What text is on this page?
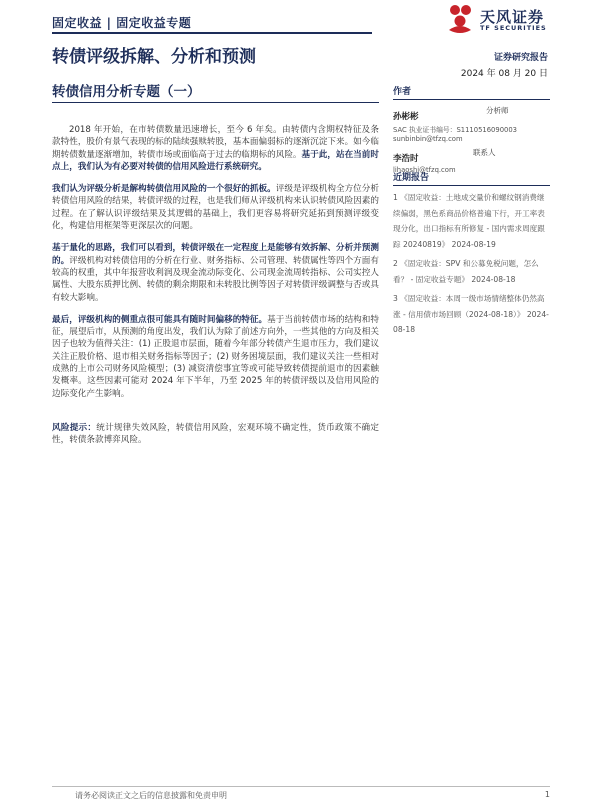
固定收益 | 固定收益专题	天风证券
TF SECURITIES
转债评级拆解、分析和预测	证券研究报告
2024 年 08 月 20 日
转债信用分析专题（一）

2018 年开始，在市转债数量迅速增长，至今 6 年矣。由转债内含期权特征及条款特性，股价有景气表现的标的陆续强赎转股，基本面偏弱标的逐渐沉淀下来。如今临期转债数量逐渐增加，转债市场或面临高于过去的临期标的风险。基于此，站在当前时点上，我们认为有必要对转债的信用风险进行系统研究。

我们认为评级分析是解构转债信用风险的一个很好的抓板。评级是评级机构全方位分析转债信用风险的结果，转债评级的过程，也是我们师从评级机构来认识转债风险因素的过程。在了解认识评级结果及其逻辑的基础上，我们更容易将研究延拓到预测评级变化，构建信用框架等更深层次的问题。

基于量化的思路，我们可以看到，转债评级在一定程度上是能够有效拆解、分析并预测的。评级机构对转债信用的分析在行业、财务指标、公司管理、转债属性等四个方面有较高的权重，其中年报营收利润及现金流动际变化、公司现金流周转指标、公司实控人属性、大股东质押比例、转债的剩余期限和未转股比例等因子对转债评级调整与否或具有较大影响。

最后，评级机构的侧重点很可能具有随时间偏移的特征。基于当前转债市场的结构和特征，展望后市，从预测的角度出发，我们认为除了前述方向外，一些其他的方向及相关因子也较为值得关注：(1) 正股退市层面，随着今年部分转债产生退市压力，我们建议关注正股价格、退市相关财务指标等因子；(2) 财务困境层面，我们建议关注一些相对成熟的上市公司财务风险模型；(3) 减资清偿事宜等或可能导致转债提前退市的因素触发概率。这些因素可能对 2024 年下半年，乃至 2025 年的转债评级以及信用风险的边际变化产生影响。

风险提示：统计规律失效风险，转债信用风险，宏观环境不确定性，货币政策不确定性，转债条款博弈风险。

作者
孙彬彬
分析师
SAC 执业证书编号：S1110516090003
sunbinbin@tfzq.com
李浩时
联系人
lihaoshi@tfzq.com
近期报告
1 《固定收益：土地成交量价和螺纹钢消费继续偏弱，黑色系商品价格普遍下行，开工率表现分化，出口指标有所修复 - 国内需求周度跟踪 20240819》 2024-08-19
2 《固定收益：SPV 和公募免税问题，怎么看？ - 固定收益专题》 2024-08-18
3 《固定收益：本周一级市场情绪整体仍然高涨 - 信用债市场回顾（2024-08-18）》 2024-08-18
请务必阅读正文之后的信息披露和免责申明	1
